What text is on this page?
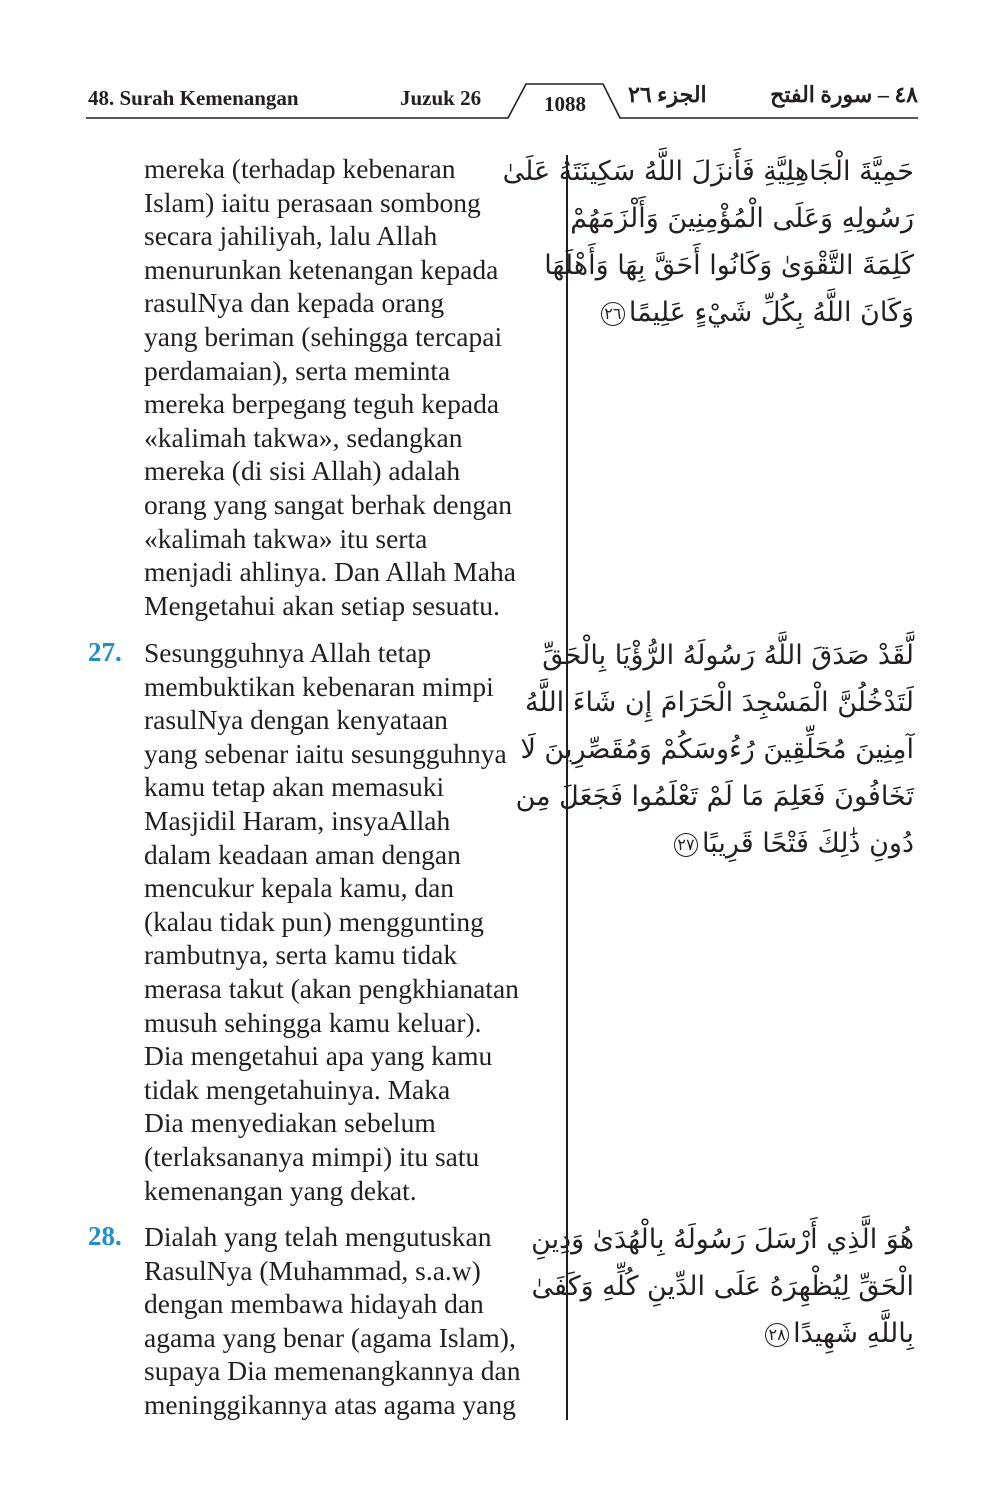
48. Surah Kemenangan	Juzuk 26	1088	الجزء ٢٦	٤٨ – سورة الفتح
mereka (terhadap kebenaran
Islam) iaitu perasaan sombong
secara jahiliyah, lalu Allah
menurunkan ketenangan kepada
rasulNya dan kepada orang
yang beriman (sehingga tercapai
perdamaian), serta meminta
mereka berpegang teguh kepada
«kalimah takwa», sedangkan
mereka (di sisi Allah) adalah
orang yang sangat berhak dengan
«kalimah takwa» itu serta
menjadi ahlinya. Dan Allah Maha
Mengetahui akan setiap sesuatu.
27. Sesungguhnya Allah tetap
membuktikan kebenaran mimpi
rasulNya dengan kenyataan
yang sebenar iaitu sesungguhnya
kamu tetap akan memasuki
Masjidil Haram, insyaAllah
dalam keadaan aman dengan
mencukur kepala kamu, dan
(kalau tidak pun) menggunting
rambutnya, serta kamu tidak
merasa takut (akan pengkhianatan
musuh sehingga kamu keluar).
Dia mengetahui apa yang kamu
tidak mengetahuinya. Maka
Dia menyediakan sebelum
(terlaksananya mimpi) itu satu
kemenangan yang dekat.
28. Dialah yang telah mengutuskan
RasulNya (Muhammad, s.a.w)
dengan membawa hidayah dan
agama yang benar (agama Islam),
supaya Dia memenangkannya dan
meninggikannya atas agama yang
حَمِيَّةَ الْجَاهِلِيَّةِ فَأَنزَلَ اللَّهُ سَكِينَتَهُ عَلَىٰ
رَسُولِهِ وَعَلَى الْمُؤْمِنِينَ وَأَلْزَمَهُمْ
كَلِمَةَ التَّقْوَىٰ وَكَانُوا أَحَقَّ بِهَا وَأَهْلَهَا
وَكَانَ اللَّهُ بِكُلِّ شَيْءٍ عَلِيمًا٢٦
لَّقَدْ صَدَقَ اللَّهُ رَسُولَهُ الرُّؤْيَا بِالْحَقِّ
لَتَدْخُلُنَّ الْمَسْجِدَ الْحَرَامَ إِن شَاءَ اللَّهُ
آمِنِينَ مُحَلِّقِينَ رُءُوسَكُمْ وَمُقَصِّرِينَ لَا
تَخَافُونَ فَعَلِمَ مَا لَمْ تَعْلَمُوا فَجَعَلَ مِن
دُونِ ذَٰلِكَ فَتْحًا قَرِيبًا٢٧
هُوَ الَّذِي أَرْسَلَ رَسُولَهُ بِالْهُدَىٰ وَدِينِ
الْحَقِّ لِيُظْهِرَهُ عَلَى الدِّينِ كُلِّهِ وَكَفَىٰ
بِاللَّهِ شَهِيدًا٢٨
